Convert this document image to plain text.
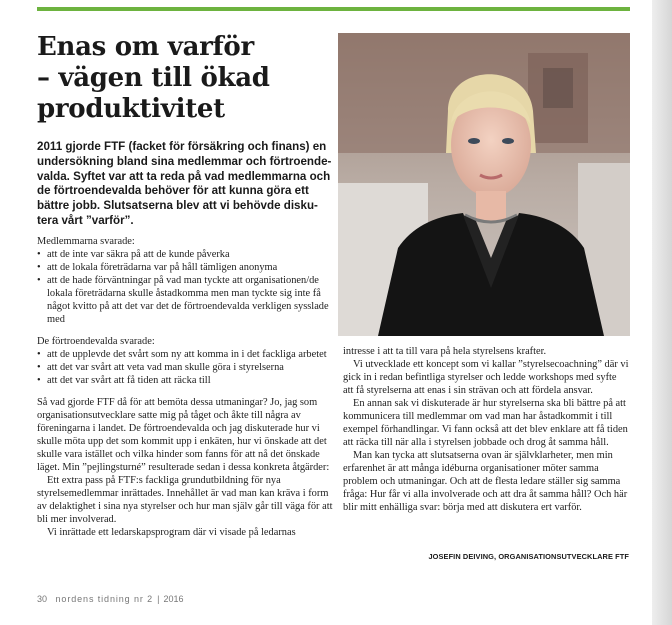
Enas om varför
– vägen till ökad
produktivitet

2011 gjorde FTF (facket för försäkring och finans) en undersökning bland sina medlemmar och förtroendevalda. Syftet var att ta reda på vad medlemmarna och de förtroendevalda behöver för att kunna göra ett bättre jobb. Slutsatserna blev att vi behövde diskutera vårt ”varför”.

Medlemmarna svarade:

• att de inte var säkra på att de kunde påverka
• att de lokala företrädarna var på håll tämligen anonyma
• att de hade förväntningar på vad man tyckte att organisationen/de lokala företrädarna skulle åstadkomma men man tyckte sig inte få något kvitto på att det var det de förtroendevalda verkligen sysslade med

De förtroendevalda svarade:

• att de upplevde det svårt som ny att komma in i det fackliga arbetet
• att det var svårt att veta vad man skulle göra i styrelserna
• att det var svårt att få tiden att räcka till

Så vad gjorde FTF då för att bemöta dessa utmaningar? Jo, jag som organisationsutvecklare satte mig på tåget och åkte till några av föreningarna i landet. De förtroendevalda och jag diskuterade hur vi skulle möta upp det som kommit upp i enkäten, hur vi önskade att det skulle vara istället och vilka hinder som fanns för att nå det önskade läget. Min ”pejlingsturné” resulterade sedan i dessa konkreta åtgärder:

Ett extra pass på FTF:s fackliga grundutbildning för nya styrelsemedlemmar inrättades. Innehållet är vad man kan kräva i form av delaktighet i sina nya styrelser och hur man själv går till väga för att bli mer involverad.

Vi inrättade ett ledarskapsprogram där vi visade på ledarnas

intresse i att ta till vara på hela styrelsens krafter.

Vi utvecklade ett koncept som vi kallar ”styrelsecoachning” där vi gick in i redan befintliga styrelser och ledde workshops med syfte att få styrelserna att enas i sin strävan och att fördela ansvar.

En annan sak vi diskuterade är hur styrelserna ska bli bättre på att kommunicera till medlemmar om vad man har åstadkommit i till exempel förhandlingar. Vi fann också att det blev enklare att få tiden att räcka till när alla i styrelsen jobbade och drog åt samma håll.

Man kan tycka att slutsatserna ovan är självklarheter, men min erfarenhet är att många idéburna organisationer möter samma problem och utmaningar. Och att de flesta ledare ställer sig samma fråga: Hur får vi alla involverade och att dra åt samma håll? Och här blir mitt enhälliga svar: börja med att diskutera ert varför.

JOSEFIN DEIVING, ORGANISATIONSUTVECKLARE FTF
30 nordens tidning nr 2 | 2016
